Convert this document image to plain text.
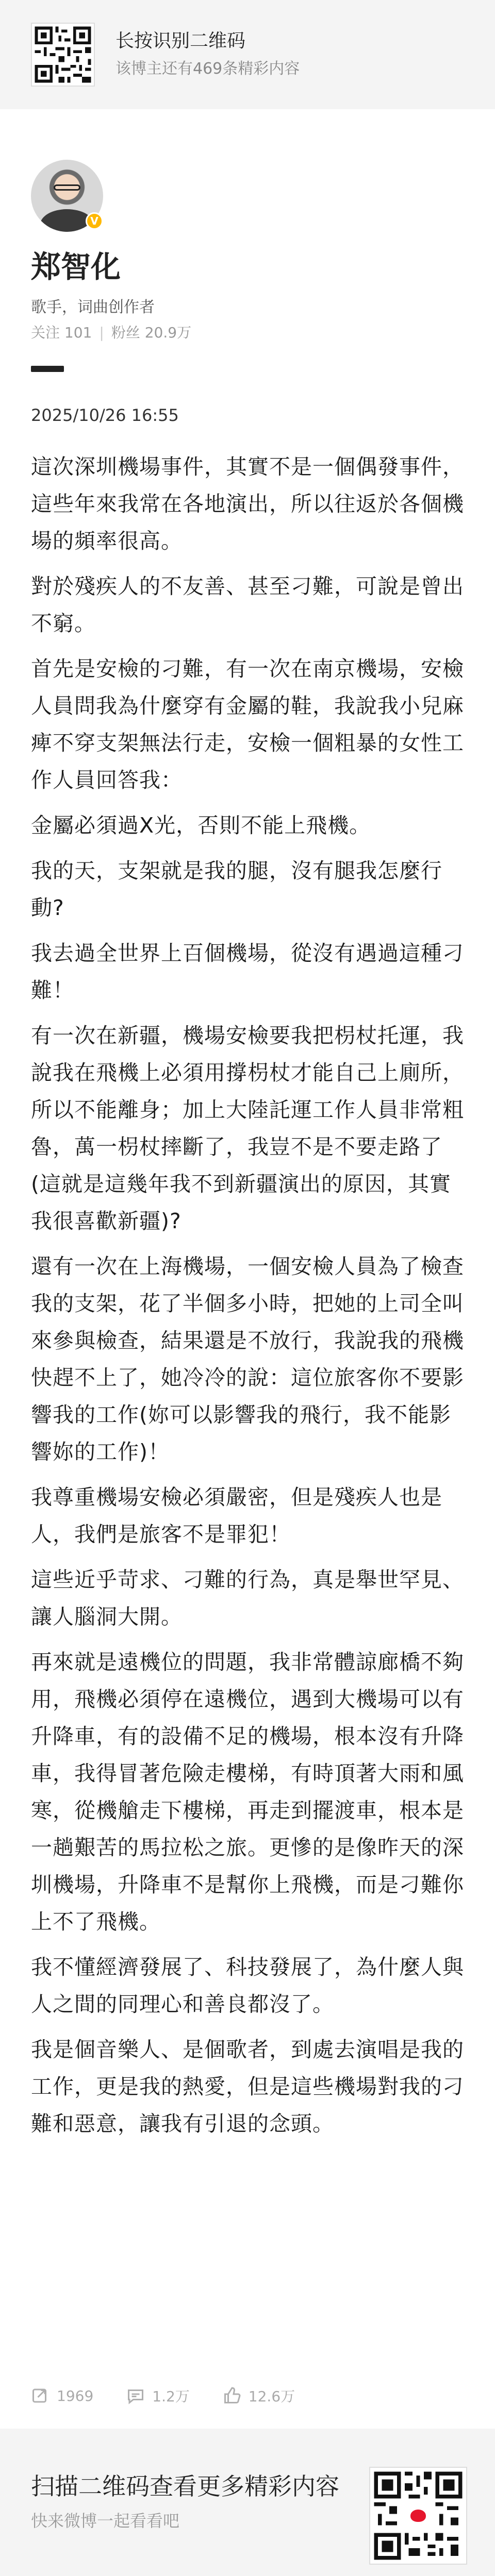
长按识别二维码
该博主还有469条精彩内容
V
郑智化
歌手，词曲创作者
关注 101 | 粉丝 20.9万
2025/10/26 16:55

這次深圳機場事件，其實不是一個偶發事件，這些年來我常在各地演出，所以往返於各個機場的頻率很高。

對於殘疾人的不友善、甚至刁難，可說是曾出不窮。

首先是安檢的刁難，有一次在南京機場，安檢人員問我為什麼穿有金屬的鞋，我說我小兒麻痺不穿支架無法行走，安檢一個粗暴的女性工作人員回答我：

金屬必須過X光，否則不能上飛機。

我的天，支架就是我的腿，沒有腿我怎麼行動?

我去過全世界上百個機場，從沒有遇過這種刁難！

有一次在新疆，機場安檢要我把枴杖托運，我說我在飛機上必須用撐枴杖才能自己上廁所，所以不能離身；加上大陸託運工作人員非常粗魯，萬一枴杖摔斷了，我豈不是不要走路了(這就是這幾年我不到新疆演出的原因，其實我很喜歡新疆)?

還有一次在上海機場，一個安檢人員為了檢查我的支架，花了半個多小時，把她的上司全叫來參與檢查，結果還是不放行，我說我的飛機快趕不上了，她冷冷的說：這位旅客你不要影響我的工作(妳可以影響我的飛行，我不能影響妳的工作)！

我尊重機場安檢必須嚴密，但是殘疾人也是人，我們是旅客不是罪犯！

這些近乎苛求、刁難的行為，真是舉世罕見、讓人腦洞大開。

再來就是遠機位的問題，我非常體諒廊橋不夠用，飛機必須停在遠機位，遇到大機場可以有升降車，有的設備不足的機場，根本沒有升降車，我得冒著危險走樓梯，有時頂著大雨和風寒，從機艙走下樓梯，再走到擺渡車，根本是一趟艱苦的馬拉松之旅。更慘的是像昨天的深圳機場，升降車不是幫你上飛機，而是刁難你上不了飛機。

我不懂經濟發展了、科技發展了，為什麼人與人之間的同理心和善良都沒了。

我是個音樂人、是個歌者，到處去演唱是我的工作，更是我的熱愛，但是這些機場對我的刁難和惡意，讓我有引退的念頭。

1969	1.2万	12.6万
扫描二维码查看更多精彩内容
快来微博一起看看吧
